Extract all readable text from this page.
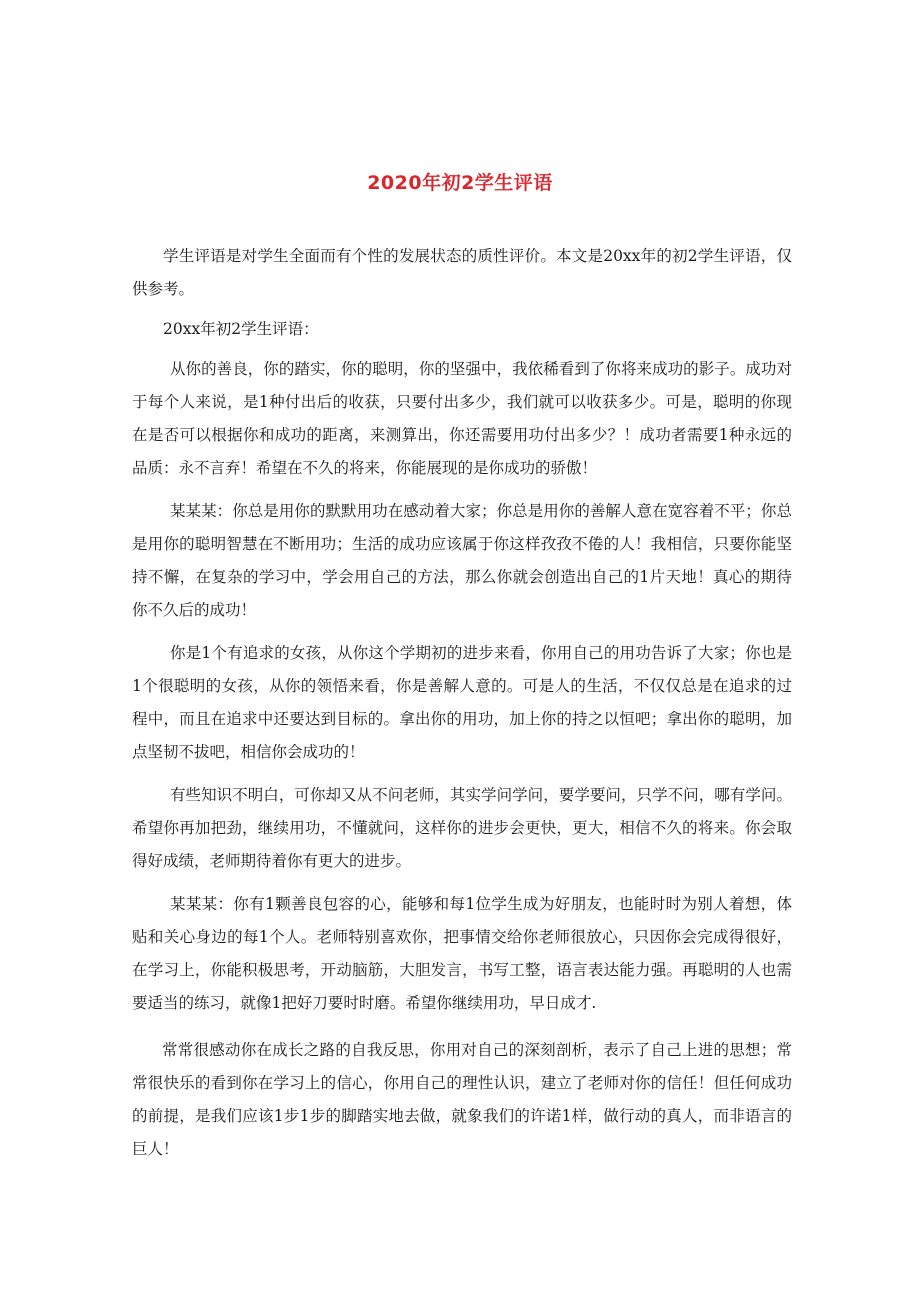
2020年初2学生评语

学生评语是对学生全面而有个性的发展状态的质性评价。本文是20xx年的初2学生评语，仅供参考。

20xx年初2学生评语：

从你的善良，你的踏实，你的聪明，你的坚强中，我依稀看到了你将来成功的影子。成功对于每个人来说，是1种付出后的收获，只要付出多少，我们就可以收获多少。可是，聪明的你现在是否可以根据你和成功的距离，来测算出，你还需要用功付出多少？！成功者需要1种永远的品质：永不言弃！希望在不久的将来，你能展现的是你成功的骄傲！

某某某：你总是用你的默默用功在感动着大家；你总是用你的善解人意在宽容着不平；你总是用你的聪明智慧在不断用功；生活的成功应该属于你这样孜孜不倦的人！我相信，只要你能坚持不懈，在复杂的学习中，学会用自己的方法，那么你就会创造出自己的1片天地！真心的期待你不久后的成功！

你是1个有追求的女孩，从你这个学期初的进步来看，你用自己的用功告诉了大家；你也是1个很聪明的女孩，从你的领悟来看，你是善解人意的。可是人的生活，不仅仅总是在追求的过程中，而且在追求中还要达到目标的。拿出你的用功，加上你的持之以恒吧；拿出你的聪明，加点坚韧不拔吧，相信你会成功的！

有些知识不明白，可你却又从不问老师，其实学问学问，要学要问，只学不问，哪有学问。希望你再加把劲，继续用功，不懂就问，这样你的进步会更快，更大，相信不久的将来。你会取得好成绩，老师期待着你有更大的进步。

某某某：你有1颗善良包容的心，能够和每1位学生成为好朋友，也能时时为别人着想，体贴和关心身边的每1个人。老师特别喜欢你，把事情交给你老师很放心，只因你会完成得很好，在学习上，你能积极思考，开动脑筋，大胆发言，书写工整，语言表达能力强。再聪明的人也需要适当的练习，就像1把好刀要时时磨。希望你继续用功，早日成才.

常常很感动你在成长之路的自我反思，你用对自己的深刻剖析，表示了自己上进的思想；常常很快乐的看到你在学习上的信心，你用自己的理性认识，建立了老师对你的信任！但任何成功的前提，是我们应该1步1步的脚踏实地去做，就象我们的许诺1样，做行动的真人，而非语言的巨人！
